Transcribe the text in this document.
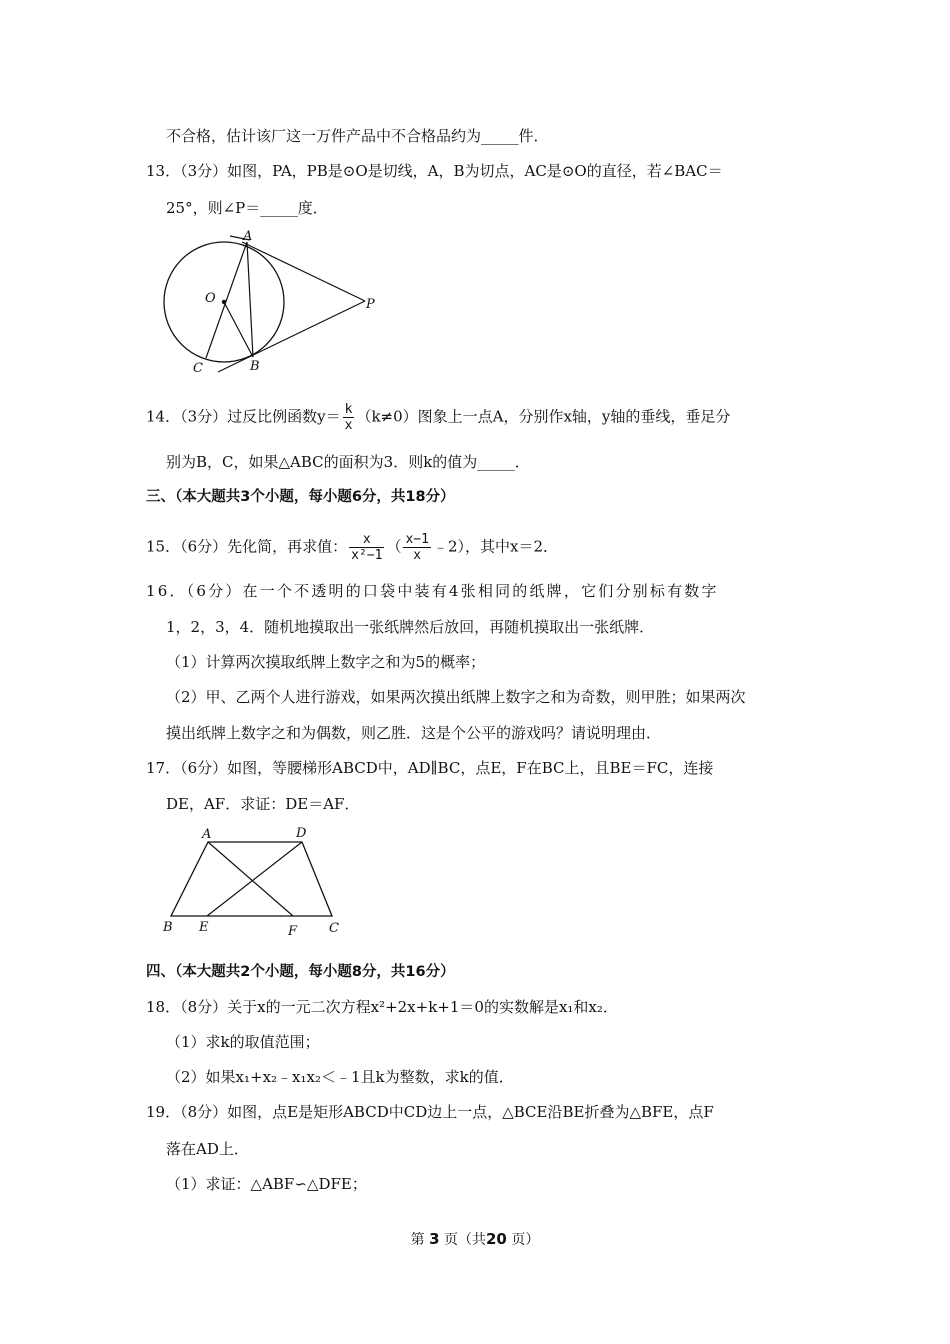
不合格，估计该厂这一万件产品中不合格品约为_____件．
13．（3分）如图，PA，PB是⊙O是切线，A，B为切点，AC是⊙O的直径，若∠BAC＝
25°，则∠P＝_____度．
A
O	P
B
C
14．（3分）过反比例函数$y= \frac{k}{x} (k\ne 0)$图象上一点A，分别作x轴，y轴的垂线，垂足分
别为B，C，如果△ABC的面积为3．则k的值为_____．
三、（本大题共3个小题，每小题6分，共18分）
15．（6分）先化简，再求值： $\frac{x}{\text{x²−1}}$ （ $\frac{x-1}{x}$ ﹣2），其中x＝2．
16．（6分）在一个不透明的口袋中装有4张相同的纸牌，它们分别标有数字
1，2，3，4．随机地摸取出一张纸牌然后放回，再随机摸取出一张纸牌．
（1）计算两次摸取纸牌上数字之和为5的概率；
（2）甲、乙两个人进行游戏，如果两次摸出纸牌上数字之和为奇数，则甲胜；如果两次
摸出纸牌上数字之和为偶数，则乙胜．这是个公平的游戏吗？请说明理由．
17．（6分）如图，等腰梯形ABCD中，AD∥BC，点E，F在BC上，且BE＝FC，连接
DE，AF．求证：DE＝AF．
A	D
B E	F C
四、（本大题共2个小题，每小题8分，共16分）
18．（8分）关于x的一元二次方程x²+2x+k+1＝0的实数解是x₁和x₂．
（1）求k的取值范围；
（2）如果x₁+x₂﹣x₁x₂＜﹣1且k为整数，求k的值．
19．（8分）如图，点E是矩形ABCD中CD边上一点，△BCE沿BE折叠为△BFE，点F
落在AD上．
（1）求证：△ABF∽△DFE；
第 3 页（共20 页）
